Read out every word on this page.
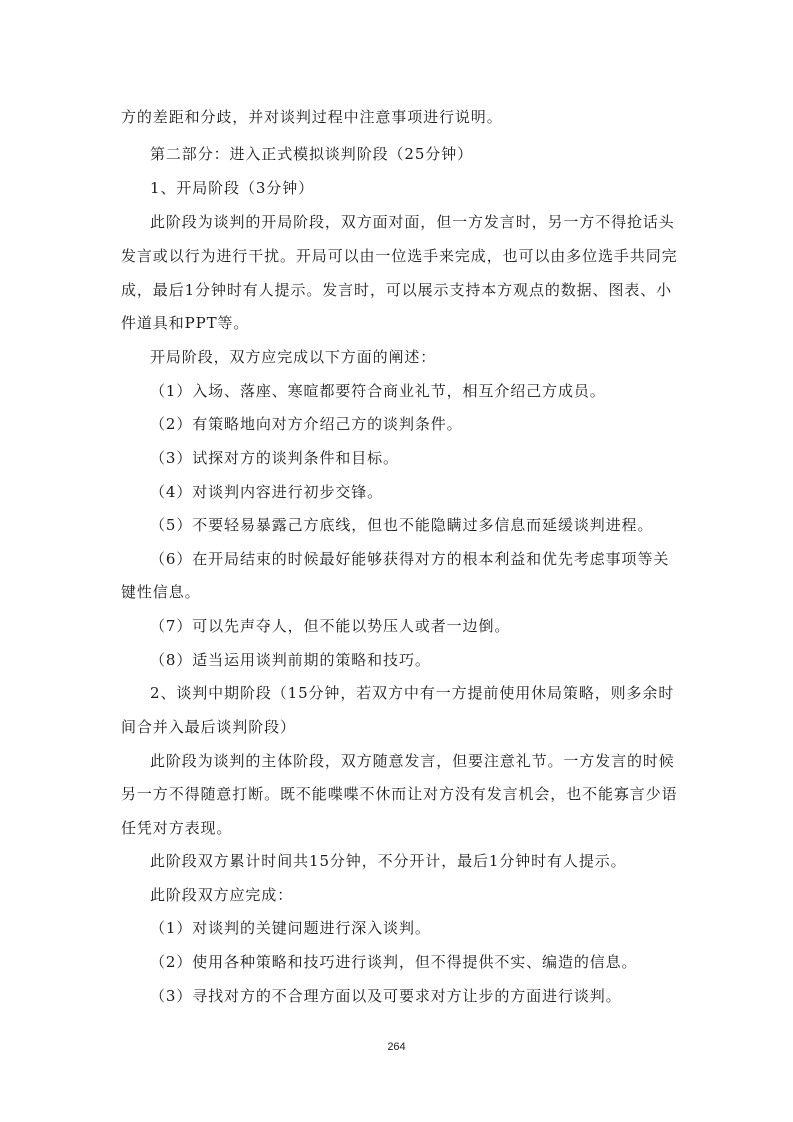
方的差距和分歧，并对谈判过程中注意事项进行说明。
第二部分：进入正式模拟谈判阶段（25分钟）
1、开局阶段（3分钟）
此阶段为谈判的开局阶段，双方面对面，但一方发言时，另一方不得抢话头
发言或以行为进行干扰。开局可以由一位选手来完成，也可以由多位选手共同完
成，最后1分钟时有人提示。发言时，可以展示支持本方观点的数据、图表、小
件道具和PPT等。
开局阶段，双方应完成以下方面的阐述：
（1）入场、落座、寒暄都要符合商业礼节，相互介绍己方成员。
（2）有策略地向对方介绍己方的谈判条件。
（3）试探对方的谈判条件和目标。
（4）对谈判内容进行初步交锋。
（5）不要轻易暴露己方底线，但也不能隐瞒过多信息而延缓谈判进程。
（6）在开局结束的时候最好能够获得对方的根本利益和优先考虑事项等关
键性信息。
（7）可以先声夺人，但不能以势压人或者一边倒。
（8）适当运用谈判前期的策略和技巧。
2、谈判中期阶段（15分钟，若双方中有一方提前使用休局策略，则多余时
间合并入最后谈判阶段）
此阶段为谈判的主体阶段，双方随意发言，但要注意礼节。一方发言的时候
另一方不得随意打断。既不能喋喋不休而让对方没有发言机会，也不能寡言少语
任凭对方表现。
此阶段双方累计时间共15分钟，不分开计，最后1分钟时有人提示。
此阶段双方应完成：
（1）对谈判的关键问题进行深入谈判。
（2）使用各种策略和技巧进行谈判，但不得提供不实、编造的信息。
（3）寻找对方的不合理方面以及可要求对方让步的方面进行谈判。
264
